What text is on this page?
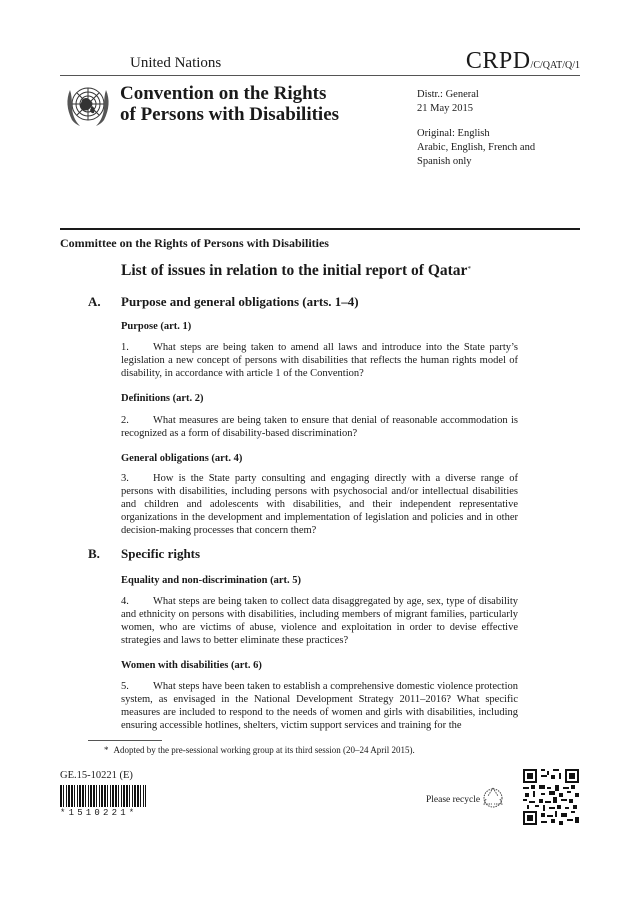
United Nations	CRPD/C/QAT/Q/1
Convention on the Rights
of Persons with Disabilities
Distr.: General
21 May 2015
Original: English
Arabic, English, French and
Spanish only
Committee on the Rights of Persons with Disabilities
List of issues in relation to the initial report of Qatar*
A. Purpose and general obligations (arts. 1–4)
Purpose (art. 1)
1. What steps are being taken to amend all laws and introduce into the State party’s legislation a new concept of persons with disabilities that reflects the human rights model of disability, in accordance with article 1 of the Convention?
Definitions (art. 2)
2. What measures are being taken to ensure that denial of reasonable accommodation is recognized as a form of disability-based discrimination?
General obligations (art. 4)
3. How is the State party consulting and engaging directly with a diverse range of persons with disabilities, including persons with psychosocial and/or intellectual disabilities and children and adolescents with disabilities, and their independent representative organizations in the development and implementation of legislation and policies and in other decision-making processes that concern them?
B. Specific rights
Equality and non-discrimination (art. 5)
4. What steps are being taken to collect data disaggregated by age, sex, type of disability and ethnicity on persons with disabilities, including members of migrant families, particularly women, who are victims of abuse, violence and exploitation in order to devise effective strategies and laws to better eliminate these practices?
Women with disabilities (art. 6)
5. What steps have been taken to establish a comprehensive domestic violence protection system, as envisaged in the National Development Strategy 2011–2016? What specific measures are included to respond to the needs of women and girls with disabilities, including ensuring accessible hotlines, shelters, victim support services and training for the
* Adopted by the pre-sessional working group at its third session (20–24 April 2015).
GE.15-10221 (E)
*1510221*
Please recycle
